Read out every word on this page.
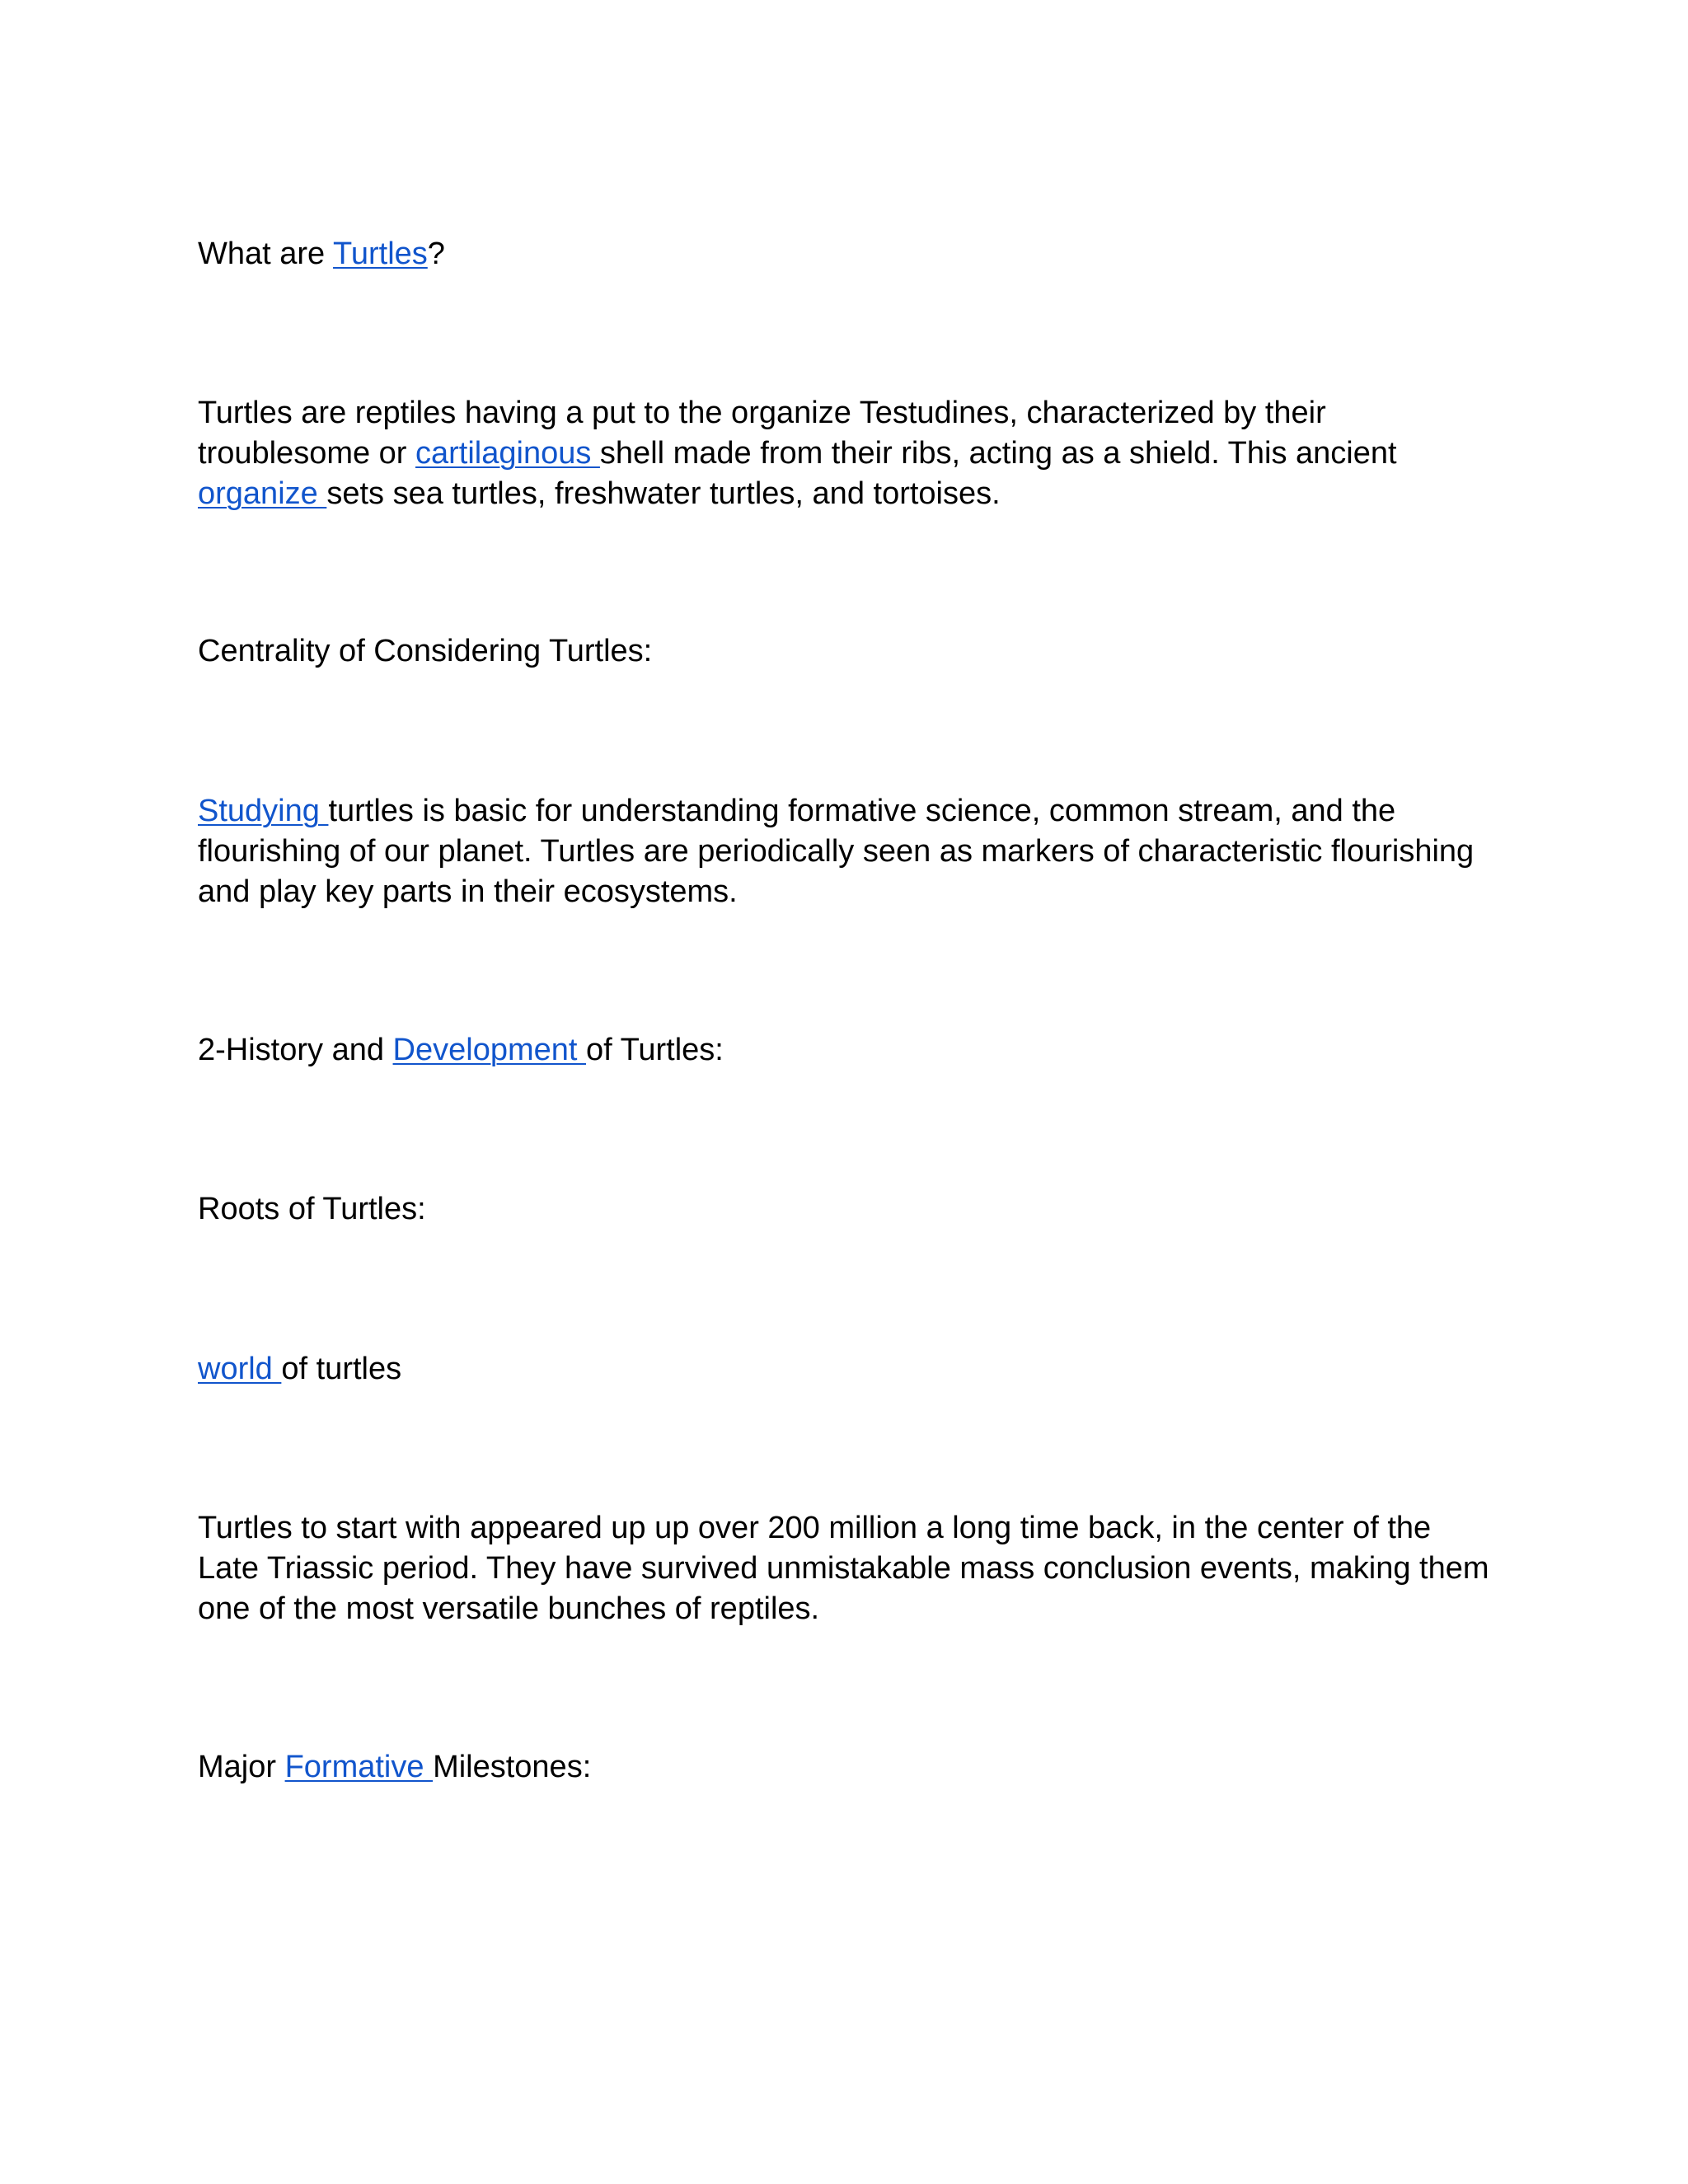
What are Turtles?

Turtles are reptiles having a put to the organize Testudines, characterized by their troublesome or cartilaginous shell made from their ribs, acting as a shield. This ancient organize sets sea turtles, freshwater turtles, and tortoises.

Centrality of Considering Turtles:

Studying turtles is basic for understanding formative science, common stream, and the flourishing of our planet. Turtles are periodically seen as markers of characteristic flourishing and play key parts in their ecosystems.

2-History and Development of Turtles:

Roots of Turtles:

world of turtles

Turtles to start with appeared up up over 200 million a long time back, in the center of the Late Triassic period. They have survived unmistakable mass conclusion events, making them one of the most versatile bunches of reptiles.

Major Formative Milestones:
